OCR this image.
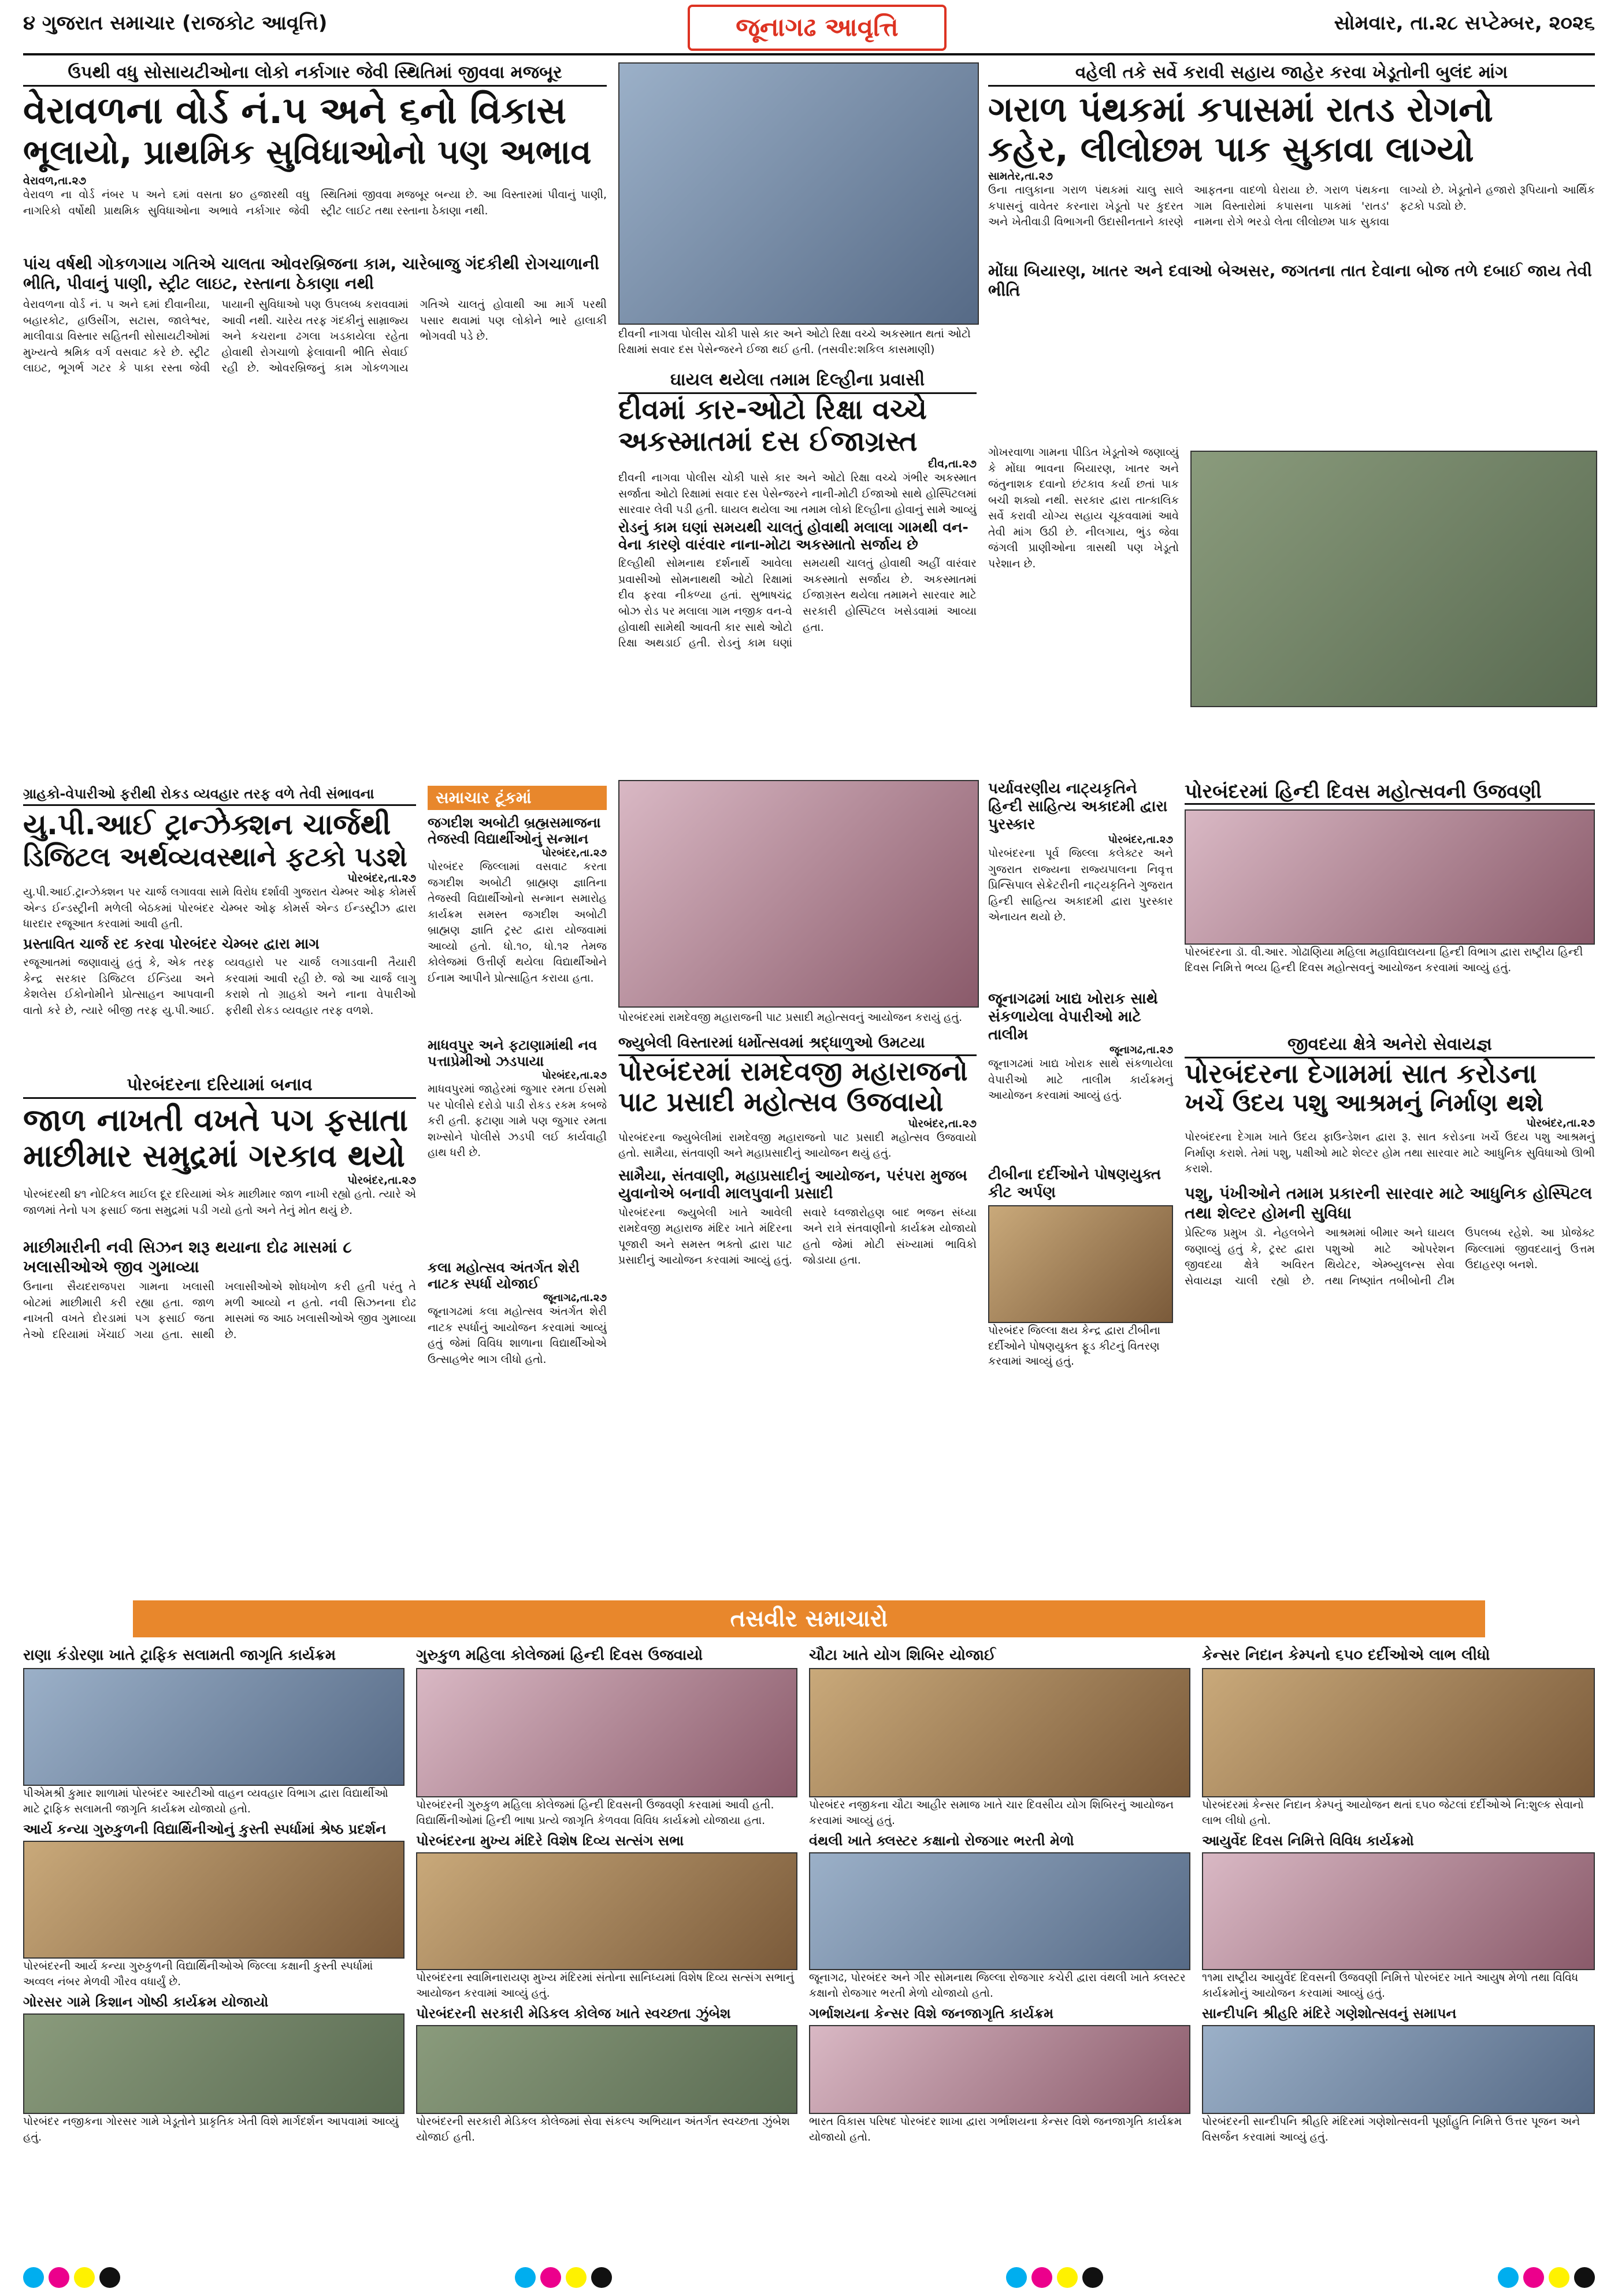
૪ ગુજરાત સમાચાર (રાજકોટ આવૃત્તિ)	જૂનાગઢ આવૃત્તિ	સોમવાર, તા.૨૮ સપ્ટેમ્બર, ૨૦૨૬
ઉપથી વધુ સોસાયટીઓના લોકો નર્કાગાર જેવી સ્થિતિમાં જીવવા મજબૂર
વેરાવળના વોર્ડ નં.૫ અને ૬નો વિકાસ
ભૂલાયો, પ્રાથમિક સુવિધાઓનો પણ અભાવ
વેરાવળ,તા.૨૭
વેરાવળ ના વોર્ડ નંબર ૫ અને ૬માં વસતા ૪૦ હજારથી વધુ નાગરિકો વર્ષોથી પ્રાથમિક સુવિધાઓના અભાવે નર્કાગાર જેવી સ્થિતિમાં જીવવા મજબૂર બન્યા છે. આ વિસ્તારમાં પીવાનું પાણી, સ્ટ્રીટ લાઈટ તથા રસ્તાના ઠેકાણા નથી.
પાંચ વર્ષથી ગોકળગાય ગતિએ ચાલતા ઓવરબ્રિજના કામ, ચારેબાજુ ગંદકીથી રોગચાળાની ભીતિ, પીવાનું પાણી, સ્ટ્રીટ લાઇટ, રસ્તાના ઠેકાણા નથી
વેરાવળના વોર્ડ નં. ૫ અને ૬માં દીવાનીયા, બહારકોટ, હાઉસીંગ, સટાસ, જાલેશ્વર, માલીવાડા વિસ્તાર સહિતની સોસાયટીઓમાં મુખ્યત્વે શ્રમિક વર્ગ વસવાટ કરે છે. સ્ટ્રીટ લાઇટ, ભૂગર્ભ ગટર કે પાકા રસ્તા જેવી પાયાની સુવિધાઓ પણ ઉપલબ્ધ કરાવવામાં આવી નથી. ચારેય તરફ ગંદકીનું સામ્રાજ્ય અને કચરાના ઢગલા ખડકાયેલા રહેતા હોવાથી રોગચાળો ફેલાવાની ભીતિ સેવાઈ રહી છે. ઓવરબ્રિજનું કામ ગોકળગાય ગતિએ ચાલતું હોવાથી આ માર્ગ પરથી પસાર થવામાં પણ લોકોને ભારે હાલાકી ભોગવવી પડે છે.	દીવની નાગવા પોલીસ ચોકી પાસે કાર અને ઓટો રિક્ષા વચ્ચે અકસ્માત થતાં ઓટો રિક્ષામાં સવાર દસ પેસેન્જરને ઈજા થઈ હતી. (તસવીર:શકિલ કાસમાણી)
ઘાયલ થયેલા તમામ દિલ્હીના પ્રવાસી
દીવમાં કાર-ઓટો રિક્ષા વચ્ચે
અકસ્માતમાં દસ ઈજાગ્રસ્ત
દીવ,તા.૨૭
દીવની નાગવા પોલીસ ચોકી પાસે કાર અને ઓટો રિક્ષા વચ્ચે ગંભીર અકસ્માત સર્જાતા ઓટો રિક્ષામાં સવાર દસ પેસેન્જરને નાની-મોટી ઈજાઓ સાથે હોસ્પિટલમાં સારવાર લેવી પડી હતી. ઘાયલ થયેલા આ તમામ લોકો દિલ્હીના હોવાનું સામે આવ્યું
રોડનું કામ ઘણાં સમયથી ચાલતું હોવાથી મલાલા ગામથી વન-વેના કારણે વારંવાર નાના-મોટા અકસ્માતો સર્જાય છે
દિલ્હીથી સોમનાથ દર્શનાર્થે આવેલા પ્રવાસીઓ સોમનાથથી ઓટો રિક્ષામાં દીવ ફરવા નીકળ્યા હતાં. સુભાષચંદ્ર બોઝ રોડ પર મલાલા ગામ નજીક વન-વે હોવાથી સામેથી આવતી કાર સાથે ઓટો રિક્ષા અથડાઈ હતી. રોડનું કામ ઘણાં સમયથી ચાલતું હોવાથી અહીં વારંવાર અકસ્માતો સર્જાય છે. અકસ્માતમાં ઈજાગ્રસ્ત થયેલા તમામને સારવાર માટે સરકારી હોસ્પિટલ ખસેડવામાં આવ્યા હતા.
વહેલી તકે સર્વે કરાવી સહાય જાહેર કરવા ખેડૂતોની બુલંદ માંગ
ગરાળ પંથકમાં કપાસમાં રાતડ રોગનો
કહેર, લીલોછમ પાક સુકાવા લાગ્યો
સામતેર,તા.૨૭
ઉના તાલુકાના ગરાળ પંથકમાં ચાલુ સાલે કપાસનું વાવેતર કરનારા ખેડૂતો પર કુદરત અને ખેતીવાડી વિભાગની ઉદાસીનતાને કારણે આફતના વાદળો ઘેરાયા છે. ગરાળ પંથકના ગામ વિસ્તારોમાં કપાસના પાકમાં 'રાતડ' નામના રોગે ભરડો લેતા લીલોછમ પાક સુકાવા લાગ્યો છે. ખેડૂતોને હજારો રૂપિયાનો આર્થિક ફટકો પડ્યો છે.
મોંઘા બિયારણ, ખાતર અને દવાઓ બેઅસર, જગતના તાત દેવાના બોજ તળે દબાઈ જાય તેવી ભીતિ
ગોખરવાળા ગામના પીડિત ખેડૂતોએ જણાવ્યું કે મોંઘા ભાવના બિયારણ, ખાતર અને જંતુનાશક દવાનો છંટકાવ કર્યા છતાં પાક બચી શક્યો નથી. સરકાર દ્વારા તાત્કાલિક સર્વે કરાવી યોગ્ય સહાય ચૂકવવામાં આવે તેવી માંગ ઉઠી છે. નીલગાય, ભુંડ જેવા જંગલી પ્રાણીઓના ત્રાસથી પણ ખેડૂતો પરેશાન છે.
ગ્રાહકો-વેપારીઓ ફરીથી રોકડ વ્યવહાર તરફ વળે તેવી સંભાવના
યુ.પી.આઈ ટ્રાન્ઝેક્શન ચાર્જથી
ડિજિટલ અર્થવ્યવસ્થાને ફટકો પડશે
પોરબંદર,તા.૨૭
યુ.પી.આઈ.ટ્રાન્ઝેક્શન પર ચાર્જ લગાવવા સામે વિરોધ દર્શાવી ગુજરાત ચેમ્બર ઓફ કોમર્સ એન્ડ ઈન્ડસ્ટ્રીની મળેલી બેઠકમાં પોરબંદર ચેમ્બર ઓફ કોમર્સ એન્ડ ઈન્ડસ્ટ્રીઝ દ્વારા ધારદાર રજૂઆત કરવામાં આવી હતી.
પ્રસ્તાવિત ચાર્જ રદ કરવા પોરબંદર ચેમ્બર દ્વારા માગ
રજૂઆતમાં જણાવાયું હતું કે, એક તરફ કેન્દ્ર સરકાર ડિજિટલ ઈન્ડિયા અને કેશલેસ ઈકોનોમીને પ્રોત્સાહન આપવાની વાતો કરે છે, ત્યારે બીજી તરફ યુ.પી.આઈ. વ્યવહારો પર ચાર્જ લગાડવાની તૈયારી કરવામાં આવી રહી છે. જો આ ચાર્જ લાગુ કરાશે તો ગ્રાહકો અને નાના વેપારીઓ ફરીથી રોકડ વ્યવહાર તરફ વળશે.
સમાચાર ટૂંકમાં
જગદીશ અબોટી બ્રહ્મસમાજના તેજસ્વી વિદ્યાર્થીઓનું સન્માન
પોરબંદર,તા.૨૭
પોરબંદર જિલ્લામાં વસવાટ કરતા જગદીશ અબોટી બ્રાહ્મણ જ્ઞાતિના તેજસ્વી વિદ્યાર્થીઓનો સન્માન સમારોહ કાર્યક્રમ સમસ્ત જગદીશ અબોટી બ્રાહ્મણ જ્ઞાતિ ટ્રસ્ટ દ્વારા યોજવામાં આવ્યો હતો. ધો.૧૦, ધો.૧૨ તેમજ કોલેજમાં ઉત્તીર્ણ થયેલા વિદ્યાર્થીઓને ઈનામ આપીને પ્રોત્સાહિત કરાયા હતા.
માધવપુર અને ફટાણામાંથી નવ પત્તાપ્રેમીઓ ઝડપાયા
પોરબંદર,તા.૨૭
માધવપુરમાં જાહેરમાં જુગાર રમતા ઈસમો પર પોલીસે દરોડો પાડી રોકડ રકમ કબજે કરી હતી. ફટાણા ગામે પણ જુગાર રમતા શખ્સોને પોલીસે ઝડપી લઈ કાર્યવાહી હાથ ધરી છે.
કલા મહોત્સવ અંતર્ગત શેરી નાટક સ્પર્ધા યોજાઈ
જૂનાગઢ,તા.૨૭
જૂનાગઢમાં કલા મહોત્સવ અંતર્ગત શેરી નાટક સ્પર્ધાનું આયોજન કરવામાં આવ્યું હતું જેમાં વિવિધ શાળાના વિદ્યાર્થીઓએ ઉત્સાહભેર ભાગ લીધો હતો.
પોરબંદરના દરિયામાં બનાવ
જાળ નાખતી વખતે પગ ફસાતા
માછીમાર સમુદ્રમાં ગરકાવ થયો
પોરબંદર,તા.૨૭
પોરબંદરથી ૪૧ નોટિકલ માઈલ દૂર દરિયામાં એક માછીમાર જાળ નાખી રહ્યો હતો. ત્યારે એ જાળમાં તેનો પગ ફસાઈ જતા સમુદ્રમાં પડી ગયો હતો અને તેનું મોત થયું છે.
માછીમારીની નવી સિઝન શરૂ થયાના દોઢ માસમાં ૮ ખલાસીઓએ જીવ ગુમાવ્યા
ઉનાના સૈયદરાજપરા ગામના ખલાસી બોટમાં માછીમારી કરી રહ્યા હતા. જાળ નાખતી વખતે દોરડામાં પગ ફસાઈ જતા તેઓ દરિયામાં ખેંચાઈ ગયા હતા. સાથી ખલાસીઓએ શોધખોળ કરી હતી પરંતુ તે મળી આવ્યો ન હતો. નવી સિઝનના દોઢ માસમાં જ આઠ ખલાસીઓએ જીવ ગુમાવ્યા છે.
પોરબંદરમાં રામદેવજી મહારાજની પાટ પ્રસાદી મહોત્સવનું આયોજન કરાયું હતું.
જ્યુબેલી વિસ્તારમાં ધર્મોત્સવમાં શ્રદ્ધાળુઓ ઉમટયા
પોરબંદરમાં રામદેવજી મહારાજનો
પાટ પ્રસાદી મહોત્સવ ઉજવાયો
પોરબંદર,તા.૨૭
પોરબંદરના જ્યુબેલીમાં રામદેવજી મહારાજનો પાટ પ્રસાદી મહોત્સવ ઉજવાયો હતો. સામૈયા, સંતવાણી અને મહાપ્રસાદીનું આયોજન થયું હતું.
સામૈયા, સંતવાણી, મહાપ્રસાદીનું આયોજન, પરંપરા મુજબ યુવાનોએ બનાવી માલપુવાની પ્રસાદી
પોરબંદરના જ્યુબેલી ખાતે આવેલી રામદેવજી મહારાજ મંદિર ખાતે મંદિરના પૂજારી અને સમસ્ત ભક્તો દ્વારા પાટ પ્રસાદીનું આયોજન કરવામાં આવ્યું હતું. સવારે ધ્વજારોહણ બાદ ભજન સંધ્યા અને રાત્રે સંતવાણીનો કાર્યક્રમ યોજાયો હતો જેમાં મોટી સંખ્યામાં ભાવિકો જોડાયા હતા.
પર્યાવરણીય નાટ્યકૃતિને હિન્દી સાહિત્ય અકાદમી દ્વારા પુરસ્કાર
પોરબંદર,તા.૨૭
પોરબંદરના પૂર્વ જિલ્લા કલેક્ટર અને ગુજરાત રાજ્યના રાજ્યપાલના નિવૃત્ત પ્રિન્સિપાલ સેક્રેટરીની નાટ્યકૃતિને ગુજરાત હિન્દી સાહિત્ય અકાદમી દ્વારા પુરસ્કાર એનાયત થયો છે.
જૂનાગઢમાં ખાદ્ય ખોરાક સાથે સંકળાયેલા વેપારીઓ માટે તાલીમ
જૂનાગઢ,તા.૨૭
જૂનાગઢમાં ખાદ્ય ખોરાક સાથે સંકળાયેલા વેપારીઓ માટે તાલીમ કાર્યક્રમનું આયોજન કરવામાં આવ્યું હતું.
ટીબીના દર્દીઓને પોષણયુક્ત કીટ અર્પણ
પોરબંદર જિલ્લા ક્ષય કેન્દ્ર દ્વારા ટીબીના દર્દીઓને પોષણયુક્ત ફૂડ કીટનું વિતરણ કરવામાં આવ્યું હતું.
પોરબંદરમાં હિન્દી દિવસ મહોત્સવની ઉજવણી
પોરબંદરના ડૉ. વી.આર. ગોઢાણિયા મહિલા મહાવિદ્યાલયના હિન્દી વિભાગ દ્વારા રાષ્ટ્રીય હિન્દી દિવસ નિમિત્તે ભવ્ય હિન્દી દિવસ મહોત્સવનું આયોજન કરવામાં આવ્યું હતું.
જીવદયા ક્ષેત્રે અનેરો સેવાયજ્ઞ
પોરબંદરના દેગામમાં સાત કરોડના
ખર્ચે ઉદય પશુ આશ્રમનું નિર્માણ થશે
પોરબંદર,તા.૨૭
પોરબંદરના દેગામ ખાતે ઉદય ફાઉન્ડેશન દ્વારા રૂ. સાત કરોડના ખર્ચે ઉદય પશુ આશ્રમનું નિર્માણ કરાશે. તેમાં પશુ, પક્ષીઓ માટે શેલ્ટર હોમ તથા સારવાર માટે આધુનિક સુવિધાઓ ઊભી કરાશે.
પશુ, પંખીઓને તમામ પ્રકારની સારવાર માટે આધુનિક હોસ્પિટલ તથા શેલ્ટર હોમની સુવિધા
પ્રેસ્ટિજ પ્રમુખ ડૉ. નેહલબેને જણાવ્યું હતું કે, ટ્રસ્ટ દ્વારા જીવદયા ક્ષેત્રે અવિરત સેવાયજ્ઞ ચાલી રહ્યો છે. આશ્રમમાં બીમાર અને ઘાયલ પશુઓ માટે ઓપરેશન થિયેટર, એમ્બ્યુલન્સ સેવા તથા નિષ્ણાંત તબીબોની ટીમ ઉપલબ્ધ રહેશે. આ પ્રોજેક્ટ જિલ્લામાં જીવદયાનું ઉત્તમ ઉદાહરણ બનશે.
તસવીર સમાચારો
રાણા કંડોરણા ખાતે ટ્રાફિક સલામતી જાગૃતિ કાર્યક્રમ
પીએમશ્રી કુમાર શાળામાં પોરબંદર આરટીઓ વાહન વ્યવહાર વિભાગ દ્વારા વિદ્યાર્થીઓ માટે ટ્રાફિક સલામતી જાગૃતિ કાર્યક્રમ યોજાયો હતો.
આર્ય કન્યા ગુરુકુળની વિદ્યાર્થિનીઓનું કુસ્તી સ્પર્ધામાં શ્રેષ્ઠ પ્રદર્શન
પોરબંદરની આર્ય કન્યા ગુરુકુળની વિદ્યાર્થિનીઓએ જિલ્લા કક્ષાની કુસ્તી સ્પર્ધામાં અવ્વલ નંબર મેળવી ગૌરવ વધાર્યું છે.
ગોરસર ગામે કિશાન ગોષ્ઠી કાર્યક્રમ યોજાયો
પોરબંદર નજીકના ગોરસર ગામે ખેડૂતોને પ્રાકૃતિક ખેતી વિશે માર્ગદર્શન આપવામાં આવ્યું હતું.
ગુરુકુળ મહિલા કોલેજમાં હિન્દી દિવસ ઉજવાયો
પોરબંદરની ગુરુકુળ મહિલા કોલેજમાં હિન્દી દિવસની ઉજવણી કરવામાં આવી હતી. વિદ્યાર્થિનીઓમાં હિન્દી ભાષા પ્રત્યે જાગૃતિ કેળવવા વિવિધ કાર્યક્રમો યોજાયા હતા.
પોરબંદરના મુખ્ય મંદિરે વિશેષ દિવ્ય સત્સંગ સભા
પોરબંદરના સ્વામિનારાયણ મુખ્ય મંદિરમાં સંતોના સાનિધ્યમાં વિશેષ દિવ્ય સત્સંગ સભાનું આયોજન કરવામાં આવ્યું હતું.
પોરબંદરની સરકારી મેડિકલ કોલેજ ખાતે સ્વચ્છતા ઝુંબેશ
પોરબંદરની સરકારી મેડિકલ કોલેજમાં સેવા સંકલ્પ અભિયાન અંતર્ગત સ્વચ્છતા ઝુંબેશ યોજાઈ હતી.
ચૌટા ખાતે યોગ શિબિર યોજાઈ
પોરબંદર નજીકના ચૌટા આહીર સમાજ ખાતે ચાર દિવસીય યોગ શિબિરનું આયોજન કરવામાં આવ્યું હતું.
વંથલી ખાતે ક્લસ્ટર કક્ષાનો રોજગાર ભરતી મેળો
જૂનાગઢ, પોરબંદર અને ગીર સોમનાથ જિલ્લા રોજગાર કચેરી દ્વારા વંથલી ખાતે ક્લસ્ટર કક્ષાનો રોજગાર ભરતી મેળો યોજાયો હતો.
ગર્ભાશયના કેન્સર વિશે જનજાગૃતિ કાર્યક્રમ
ભારત વિકાસ પરિષદ પોરબંદર શાખા દ્વારા ગર્ભાશયના કેન્સર વિશે જનજાગૃતિ કાર્યક્રમ યોજાયો હતો.
કેન્સર નિદાન કેમ્પનો ૬૫૦ દર્દીઓએ લાભ લીધો
પોરબંદરમાં કેન્સર નિદાન કેમ્પનું આયોજન થતાં ૬૫૦ જેટલાં દર્દીઓએ નિ:શુલ્ક સેવાનો લાભ લીધો હતો.
આયુર્વેદ દિવસ નિમિત્તે વિવિધ કાર્યક્રમો
૧૧મા રાષ્ટ્રીય આયુર્વેદ દિવસની ઉજવણી નિમિત્તે પોરબંદર ખાતે આયુષ મેળો તથા વિવિધ કાર્યક્રમોનું આયોજન કરવામાં આવ્યું હતું.
સાન્દીપનિ શ્રીહરિ મંદિરે ગણેશોત્સવનું સમાપન
પોરબંદરની સાન્દીપનિ શ્રીહરિ મંદિરમાં ગણેશોત્સવની પૂર્ણાહુતિ નિમિત્તે ઉત્તર પૂજન અને વિસર્જન કરવામાં આવ્યું હતું.
